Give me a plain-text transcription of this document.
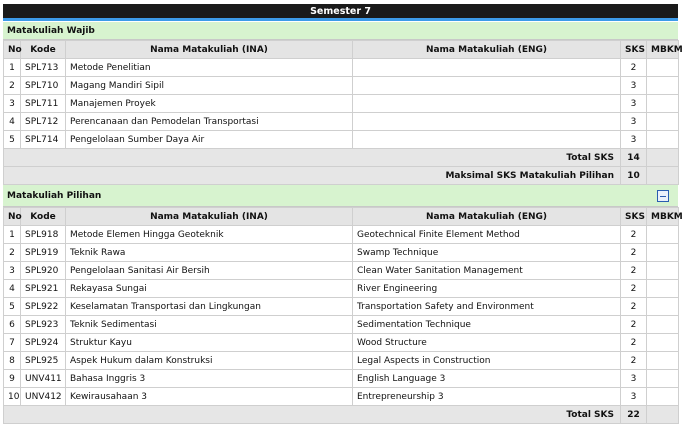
Semester 7
Matakuliah Wajib
No	Kode	Nama Matakuliah (INA)	Nama Matakuliah (ENG)	SKS	MBKM
1	SPL713	Metode Penelitian		2	
2	SPL710	Magang Mandiri Sipil		3	
3	SPL711	Manajemen Proyek		3	
4	SPL712	Perencanaan dan Pemodelan Transportasi		3	
5	SPL714	Pengelolaan Sumber Daya Air		3	
Total SKS				14	
Maksimal SKS Matakuliah Pilihan				10	
Matakuliah Pilihan
No	Kode	Nama Matakuliah (INA)	Nama Matakuliah (ENG)	SKS	MBKM
1	SPL918	Metode Elemen Hingga Geoteknik	Geotechnical Finite Element Method	2	
2	SPL919	Teknik Rawa	Swamp Technique	2	
3	SPL920	Pengelolaan Sanitasi Air Bersih	Clean Water Sanitation Management	2	
4	SPL921	Rekayasa Sungai	River Engineering	2	
5	SPL922	Keselamatan Transportasi dan Lingkungan	Transportation Safety and Environment	2	
6	SPL923	Teknik Sedimentasi	Sedimentation Technique	2	
7	SPL924	Struktur Kayu	Wood Structure	2	
8	SPL925	Aspek Hukum dalam Konstruksi	Legal Aspects in Construction	2	
9	UNV411	Bahasa Inggris 3	English Language 3	3	
10	UNV412	Kewirausahaan 3	Entrepreneurship 3	3	
Total SKS				22	
